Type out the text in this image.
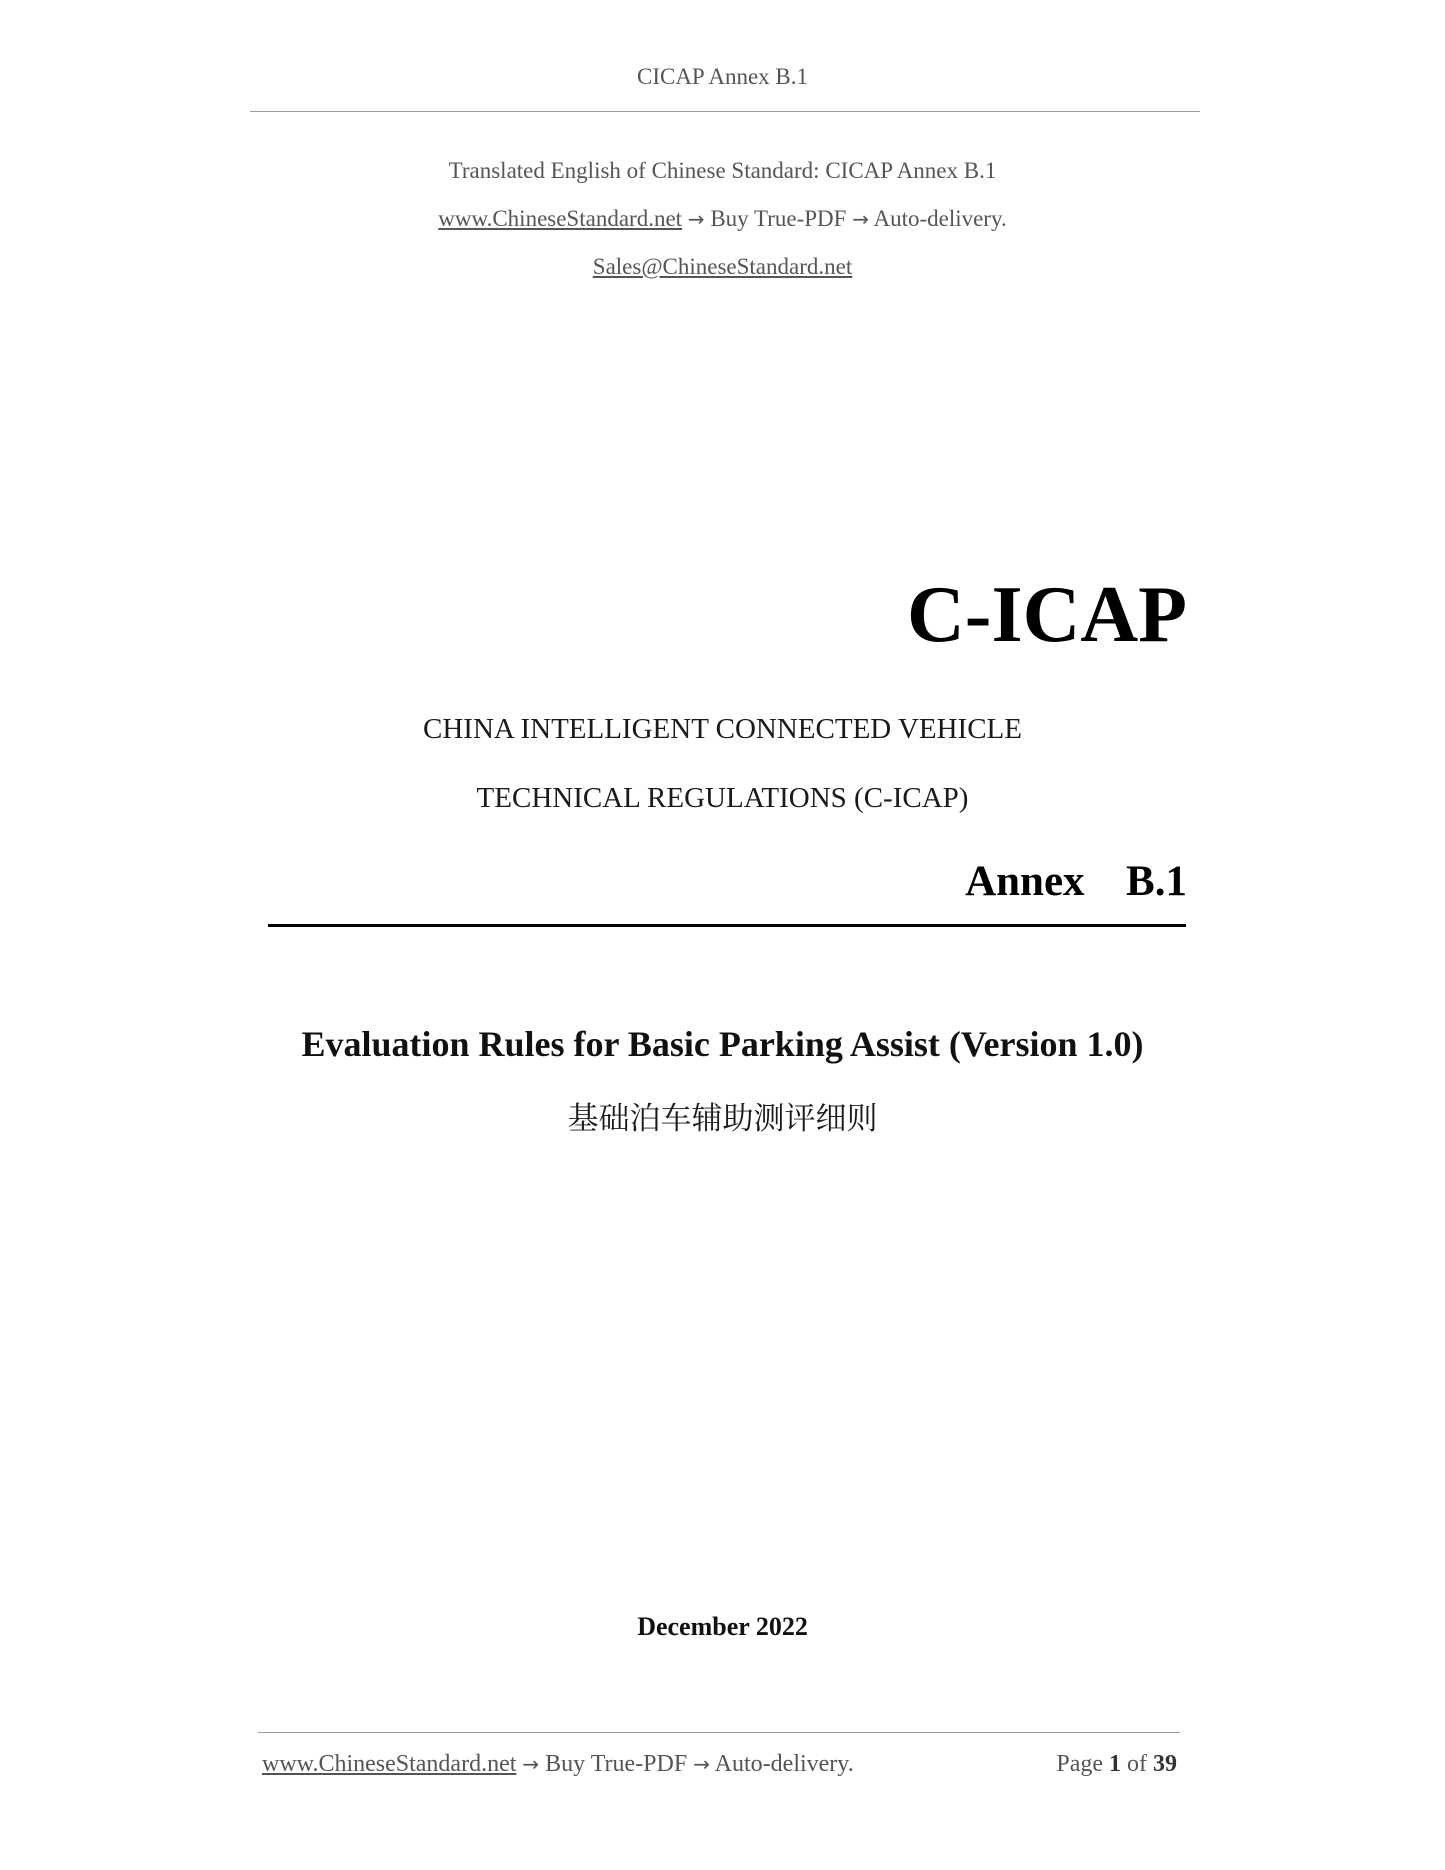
CICAP Annex B.1
Translated English of Chinese Standard: CICAP Annex B.1
www.ChineseStandard.net → Buy True-PDF → Auto-delivery.
Sales@ChineseStandard.net
C-ICAP
CHINA INTELLIGENT CONNECTED VEHICLE
TECHNICAL REGULATIONS (C-ICAP)
Annex  B.1
Evaluation Rules for Basic Parking Assist (Version 1.0)
基础泊车辅助测评细则
December 2022
www.ChineseStandard.net → Buy True-PDF → Auto-delivery.	Page 1 of 39
